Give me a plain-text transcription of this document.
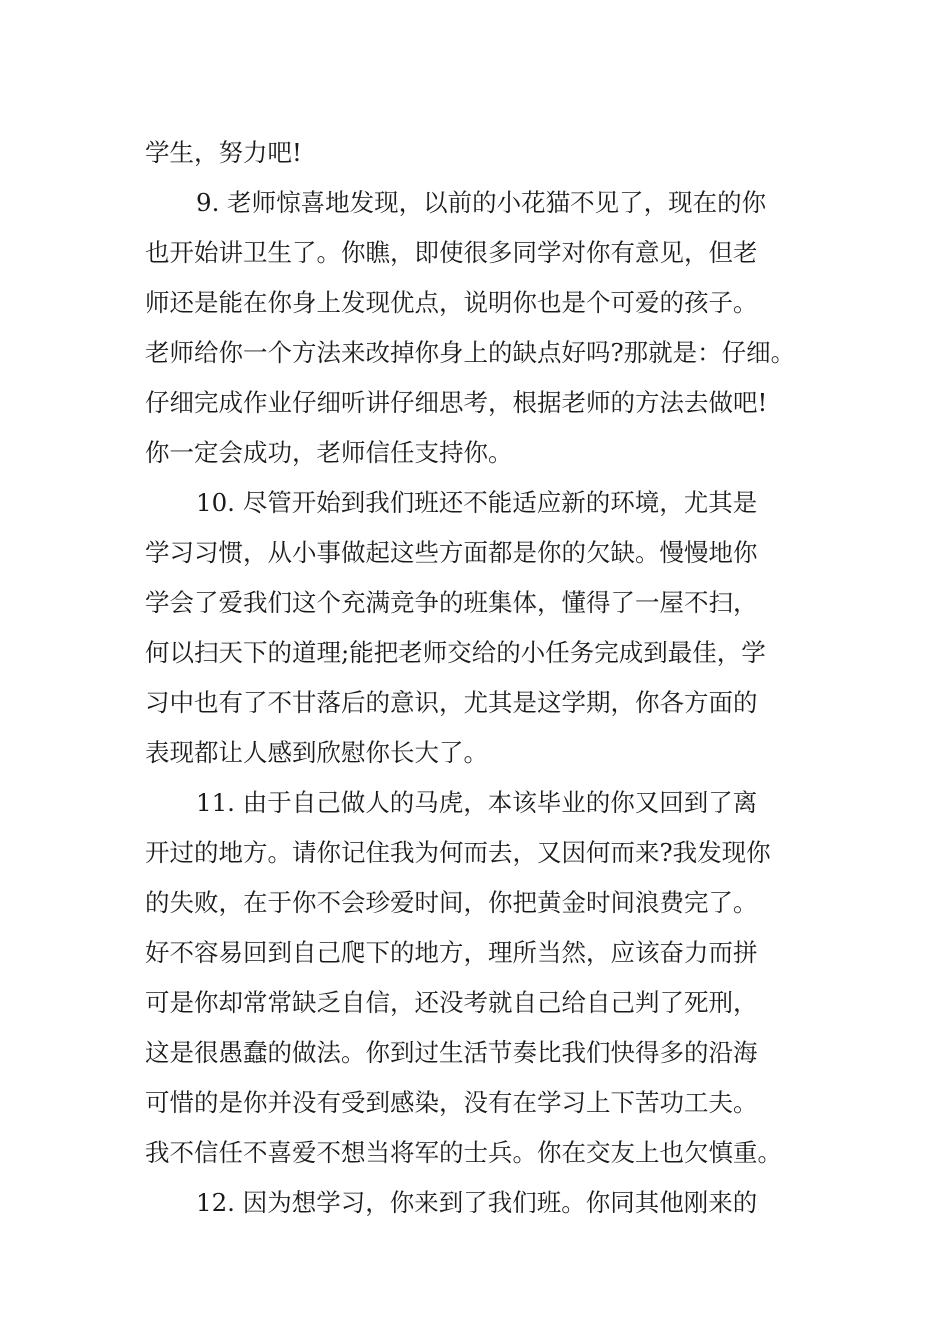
学生，努力吧!
9. 老师惊喜地发现，以前的小花猫不见了，现在的你
也开始讲卫生了。你瞧，即使很多同学对你有意见，但老
师还是能在你身上发现优点，说明你也是个可爱的孩子。
老师给你一个方法来改掉你身上的缺点好吗?那就是：仔细。
仔细完成作业仔细听讲仔细思考，根据老师的方法去做吧!
你一定会成功，老师信任支持你。
10. 尽管开始到我们班还不能适应新的环境，尤其是
学习习惯，从小事做起这些方面都是你的欠缺。慢慢地你
学会了爱我们这个充满竞争的班集体，懂得了一屋不扫，
何以扫天下的道理;能把老师交给的小任务完成到最佳，学
习中也有了不甘落后的意识，尤其是这学期，你各方面的
表现都让人感到欣慰你长大了。
11. 由于自己做人的马虎，本该毕业的你又回到了离
开过的地方。请你记住我为何而去，又因何而来?我发现你
的失败，在于你不会珍爱时间，你把黄金时间浪费完了。
好不容易回到自己爬下的地方，理所当然，应该奋力而拼
可是你却常常缺乏自信，还没考就自己给自己判了死刑，
这是很愚蠢的做法。你到过生活节奏比我们快得多的沿海
可惜的是你并没有受到感染，没有在学习上下苦功工夫。
我不信任不喜爱不想当将军的士兵。你在交友上也欠慎重。
12. 因为想学习，你来到了我们班。你同其他刚来的
